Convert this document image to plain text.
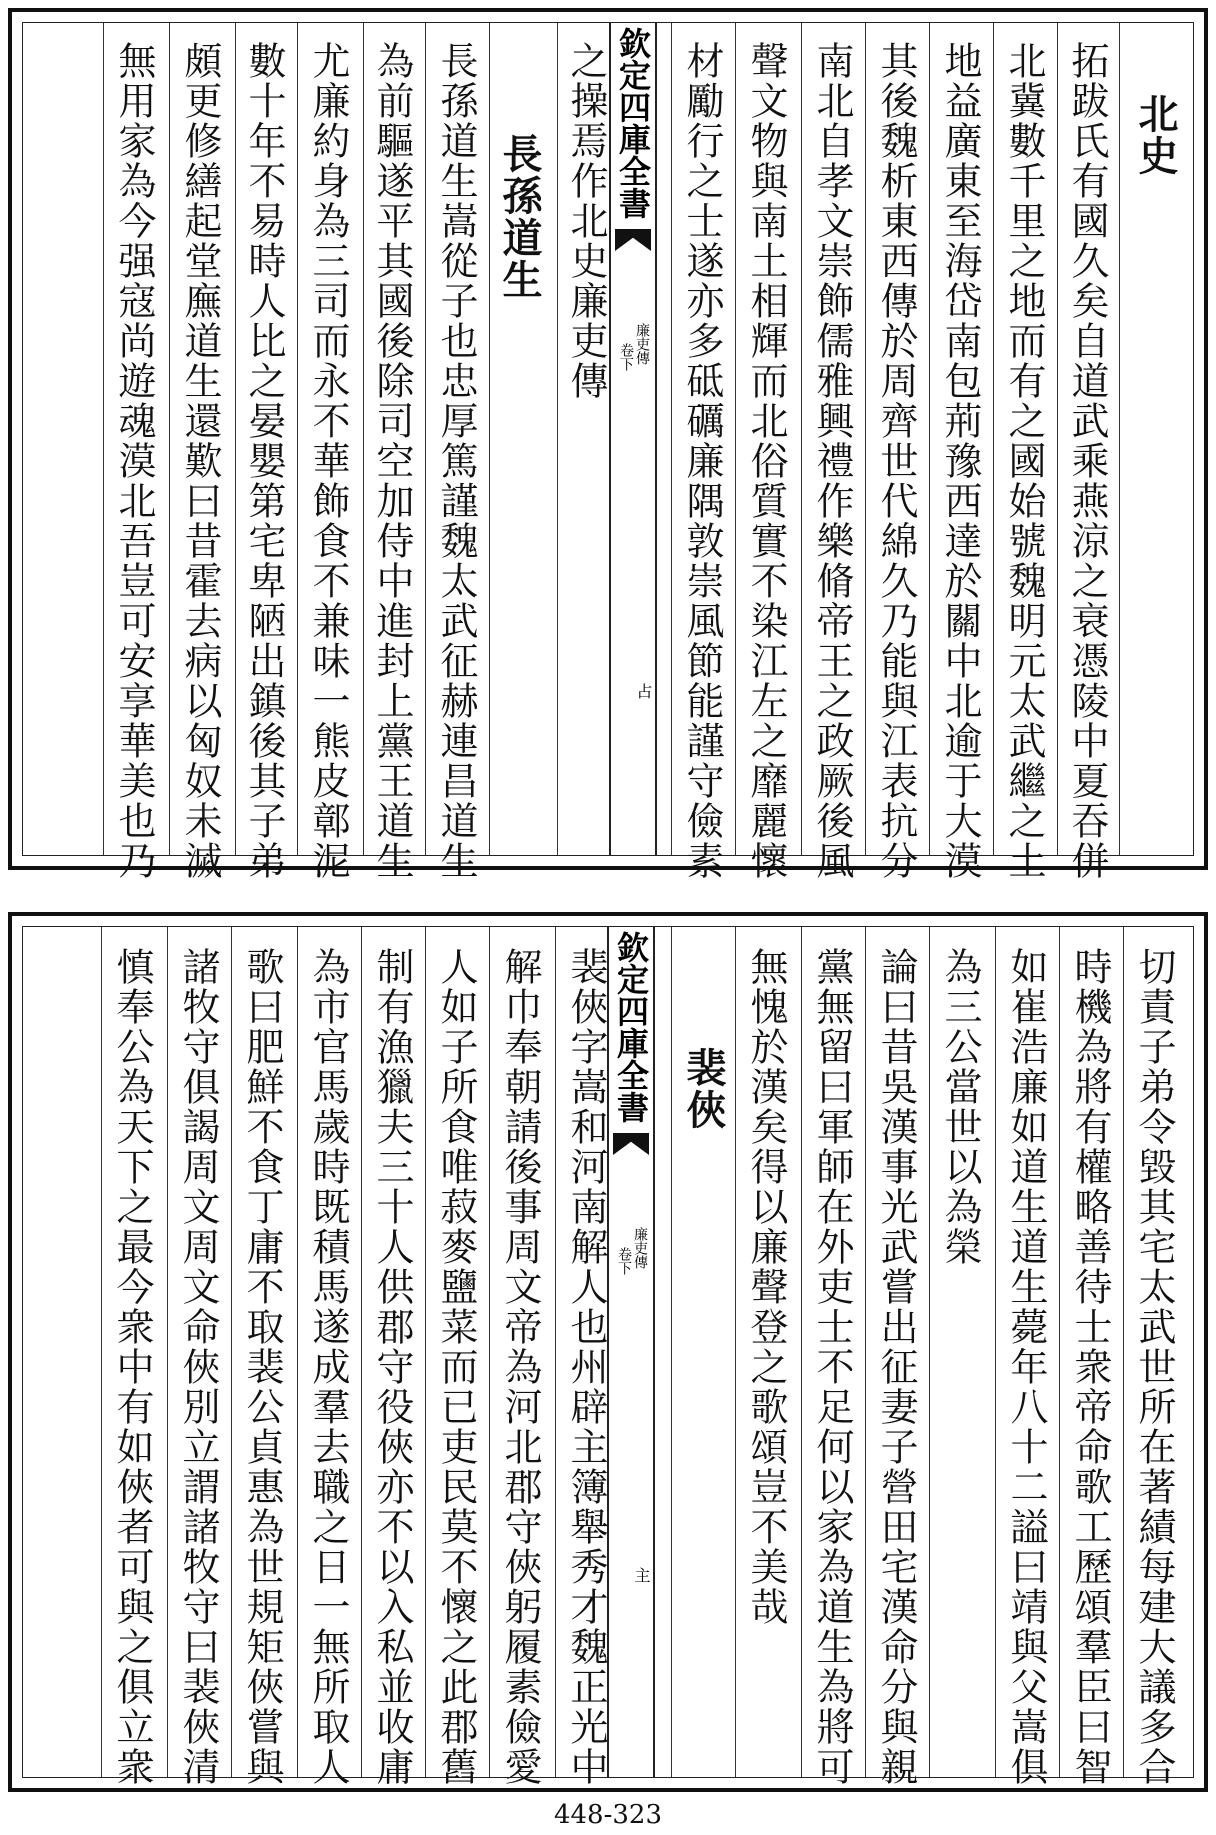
北史
拓跋氏有國久矣自道武乘燕涼之衰憑陵中夏吞併
北冀數千里之地而有之國始號魏明元太武繼之土
地益廣東至海岱南包荊豫西達於關中北逾于大漠
其後魏析東西傳於周齊世代綿久乃能與江表抗分
南北自孝文崇飾儒雅興禮作樂脩帝王之政厥後風
聲文物與南土相輝而北俗質實不染江左之靡麗懷
材勵行之士遂亦多砥礪廉隅敦崇風節能謹守儉素
欽定四庫全書
廉吏傳
卷下
占
之操焉作北史廉吏傳
長孫道生
長孫道生嵩從子也忠厚篤謹魏太武征赫連昌道生
為前驅遂平其國後除司空加侍中進封上黨王道生
尤廉約身為三司而永不華飾食不兼味一熊皮鄣泥
數十年不易時人比之晏嬰第宅卑陋出鎮後其子弟
頗更修繕起堂廡道生還歎曰昔霍去病以匈奴未滅
無用家為今强寇尚遊魂漠北吾豈可安享華美也乃
切責子弟令毀其宅太武世所在著績每建大議多合
時機為將有權略善待士衆帝命歌工歷頌羣臣曰智
如崔浩廉如道生道生薨年八十二謚曰靖與父嵩俱
為三公當世以為榮
論曰昔吳漢事光武嘗出征妻子營田宅漢命分與親
黨無留曰軍師在外吏士不足何以家為道生為將可
無愧於漢矣得以廉聲登之歌頌豈不美哉
裴俠
欽定四庫全書
廉吏傳
卷下
主
裴俠字嵩和河南解人也州辟主簿舉秀才魏正光中
解巾奉朝請後事周文帝為河北郡守俠躬履素儉愛
人如子所食唯菽麥鹽菜而已吏民莫不懷之此郡舊
制有漁獵夫三十人供郡守役俠亦不以入私並收庸
為市官馬歲時既積馬遂成羣去職之日一無所取人
歌曰肥鮮不食丁庸不取裴公貞惠為世規矩俠嘗與
諸牧守俱謁周文周文命俠別立謂諸牧守曰裴俠清
慎奉公為天下之最今衆中有如俠者可與之俱立衆
448-323
